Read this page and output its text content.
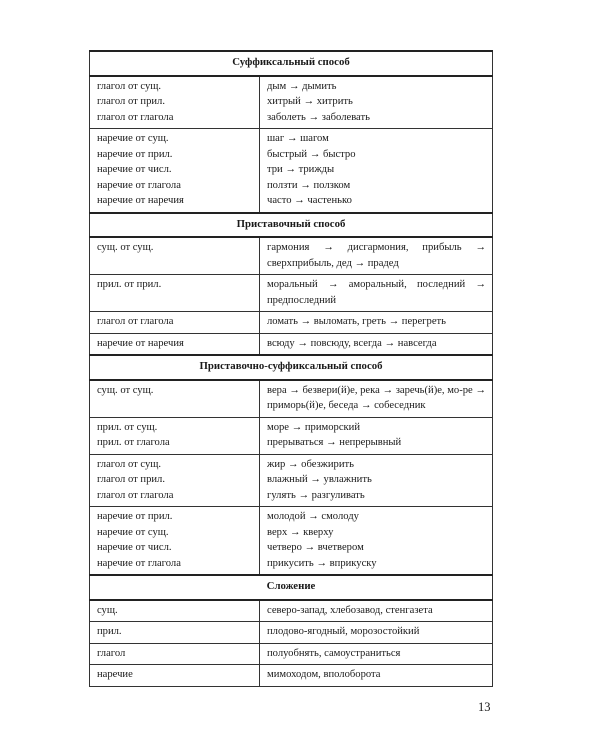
Суффиксальный способ	

глагол от сущ.
глагол от прил.
глагол от глагола	дым → дымить
хитрый → хитрить
заболеть → заболевать

наречие от сущ.
наречие от прил.
наречие от числ.
наречие от глагола
наречие от наречия	шаг → шагом
быстрый → быстро
три → трижды
ползти → ползком
часто → частенько

Приставочный способ	

сущ. от сущ.	гармония → дисгармония, прибыль → сверхприбыль, дед → прадед

прил. от прил.	моральный → аморальный, последний → предпоследний

глагол от глагола	ломать → выломать, греть → перегреть

наречие от наречия	всюду → повсюду, всегда → навсегда

Приставочно-суффиксальный способ	

сущ. от сущ.	вера → безвери(й)е, река → заречь(й)е, мо-ре → приморь(й)е, беседа → собеседник

прил. от сущ.
прил. от глагола	море → приморский
прерываться → непрерывный

глагол от сущ.
глагол от прил.
глагол от глагола	жир → обезжирить
влажный → увлажнить
гулять → разгуливать

наречие от прил.
наречие от сущ.
наречие от числ.
наречие от глагола	молодой → смолоду
верх → кверху
четверо → вчетвером
прикусить → вприкуску

Сложение	

сущ.	северо-запад, хлебозавод, стенгазета

прил.	плодово-ягодный, морозостойкий

глагол	полуобнять, самоустраниться

наречие	мимоходом, вполоборота
13
